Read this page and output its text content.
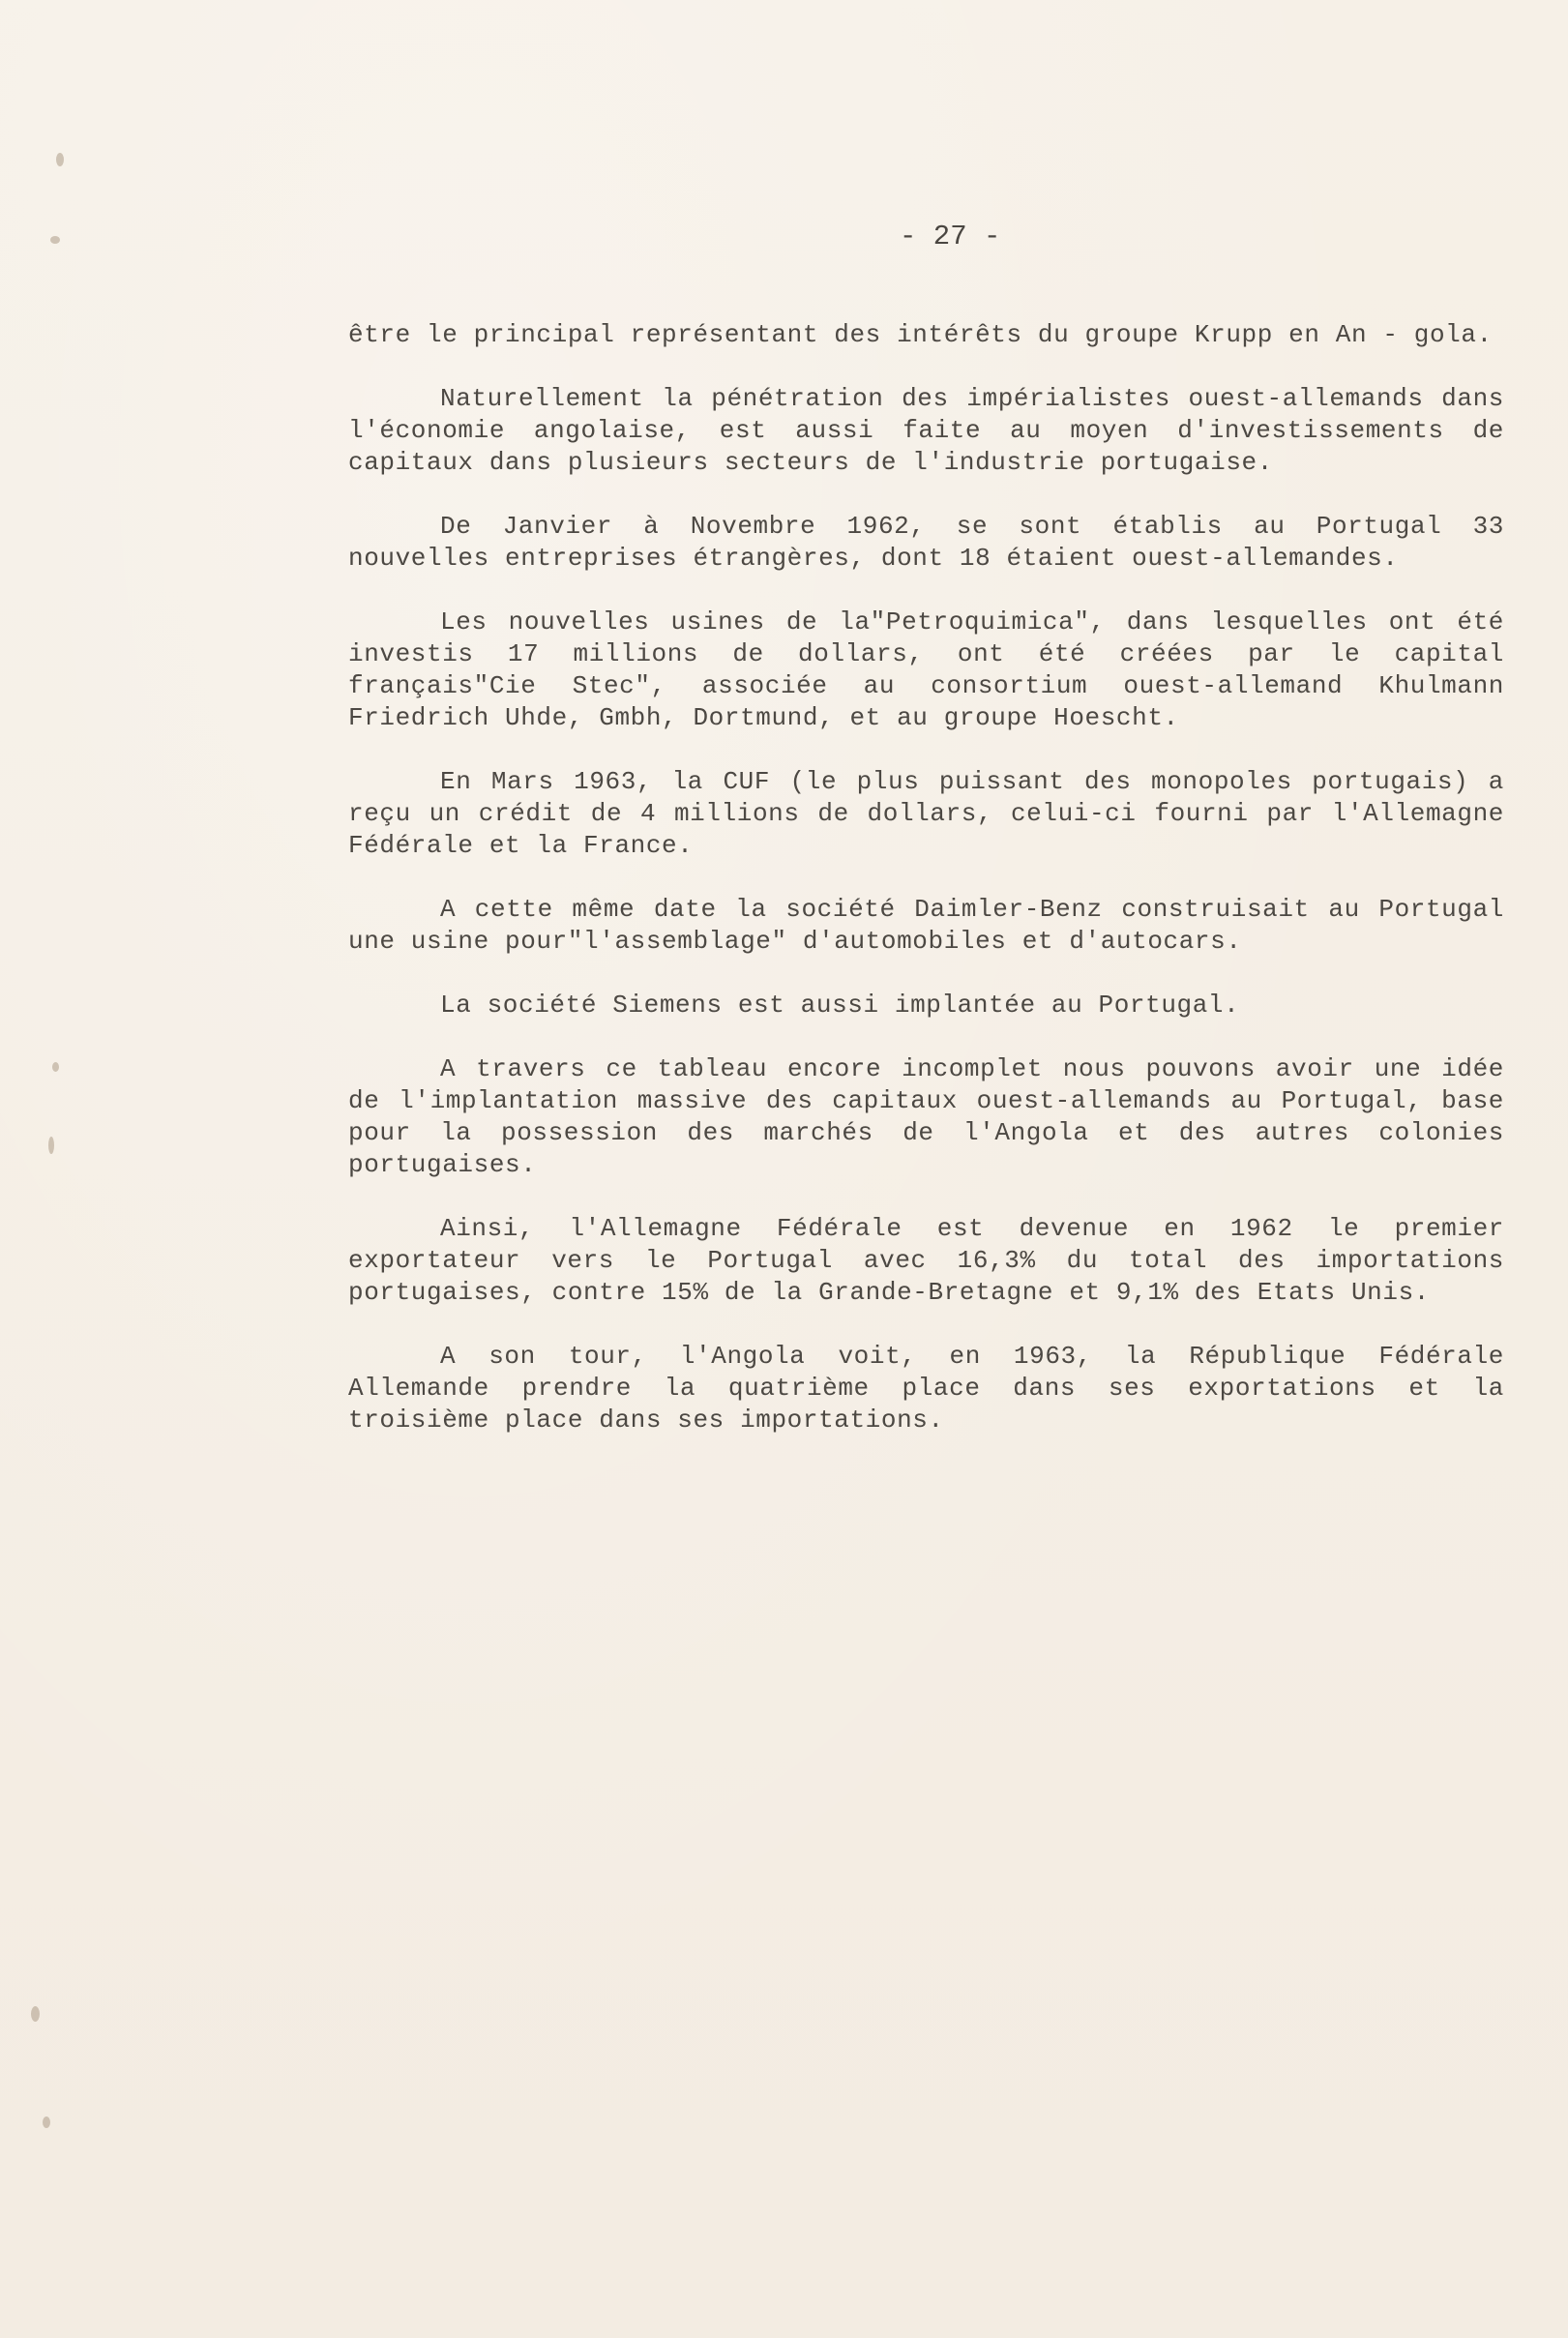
- 27 -

être le principal représentant des intérêts du groupe Krupp en An - gola.

Naturellement la pénétration des impérialistes ouest-allemands dans l'économie angolaise, est aussi faite au moyen d'investissements de capitaux dans plusieurs secteurs de l'industrie portugaise.

De Janvier à Novembre 1962, se sont établis au Portugal 33 nouvelles entreprises étrangères, dont 18 étaient ouest-allemandes.

Les nouvelles usines de la"Petroquimica", dans lesquelles ont été investis 17 millions de dollars, ont été créées par le capital français"Cie Stec", associée au consortium ouest-allemand Khulmann Friedrich Uhde, Gmbh, Dortmund, et au groupe Hoescht.

En Mars 1963, la CUF (le plus puissant des monopoles portugais) a reçu un crédit de 4 millions de dollars, celui-ci fourni par l'Allemagne Fédérale et la France.

A cette même date la société Daimler-Benz construisait au Portugal une usine pour"l'assemblage" d'automobiles et d'autocars.

La société Siemens est aussi implantée au Portugal.

A travers ce tableau encore incomplet nous pouvons avoir une idée de l'implantation massive des capitaux ouest-allemands au Portugal, base pour la possession des marchés de l'Angola et des autres colonies portugaises.

Ainsi, l'Allemagne Fédérale est devenue en 1962 le premier exportateur vers le Portugal avec 16,3% du total des importations portugaises, contre 15% de la Grande-Bretagne et 9,1% des Etats Unis.

A son tour, l'Angola voit, en 1963, la République Fédérale Allemande prendre la quatrième place dans ses exportations et la troisième place dans ses importations.
